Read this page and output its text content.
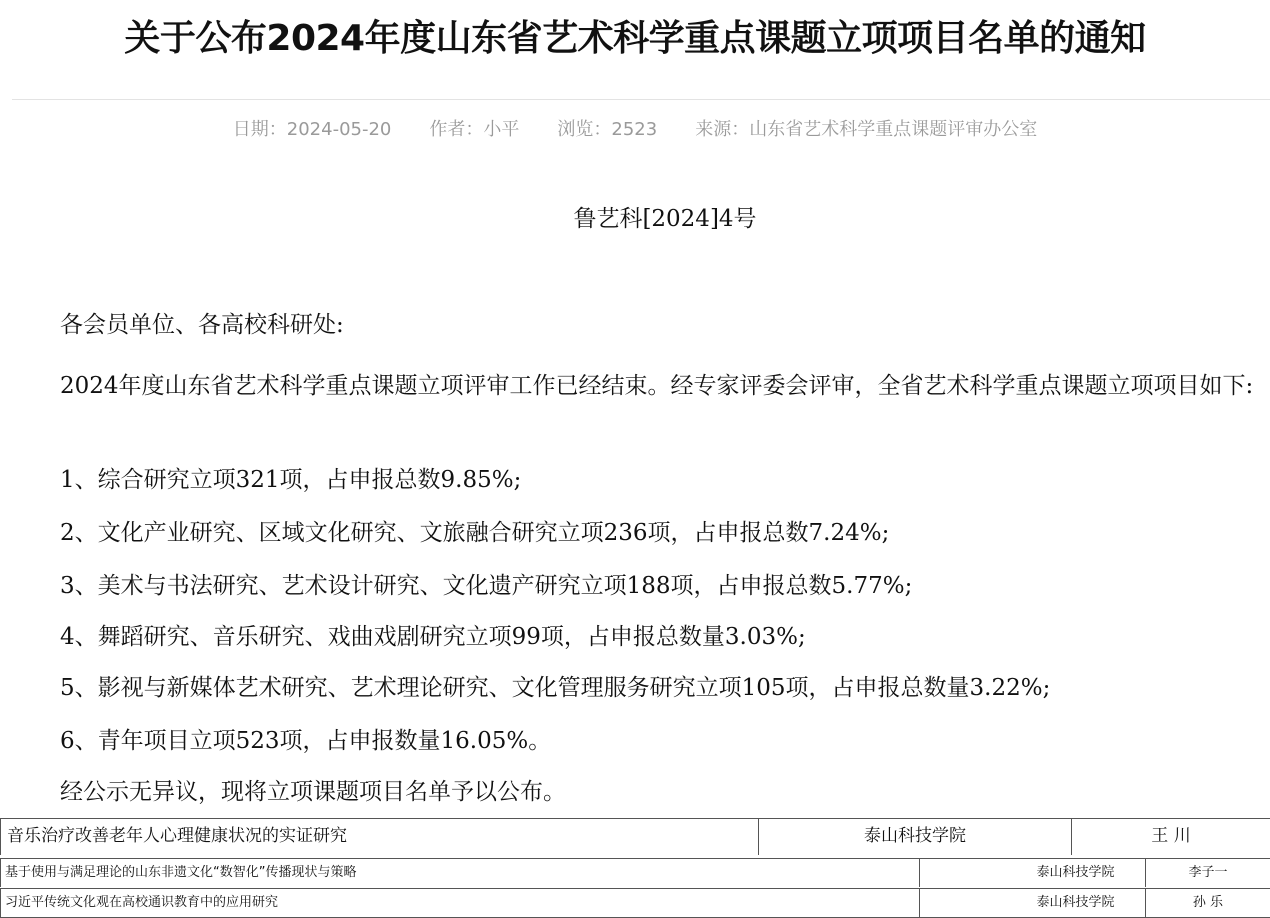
关于公布2024年度山东省艺术科学重点课题立项项目名单的通知
日期：2024-05-20 作者：小平 浏览：2523 来源：山东省艺术科学重点课题评审办公室
鲁艺科[2024]4号
各会员单位、各高校科研处:
2024年度山东省艺术科学重点课题立项评审工作已经结束。经专家评委会评审，全省艺术科学重点课题立项项目如下:
1、综合研究立项321项，占申报总数9.85%;
2、文化产业研究、区域文化研究、文旅融合研究立项236项，占申报总数7.24%;
3、美术与书法研究、艺术设计研究、文化遗产研究立项188项，占申报总数5.77%;
4、舞蹈研究、音乐研究、戏曲戏剧研究立项99项，占申报总数量3.03%;
5、影视与新媒体艺术研究、艺术理论研究、文化管理服务研究立项105项，占申报总数量3.22%;
6、青年项目立项523项，占申报数量16.05%。
经公示无异议，现将立项课题项目名单予以公布。
音乐治疗改善老年人心理健康状况的实证研究	泰山科技学院	王 川
基于使用与满足理论的山东非遗文化“数智化”传播现状与策略	泰山科技学院	李子一
习近平传统文化观在高校通识教育中的应用研究	泰山科技学院	孙 乐
